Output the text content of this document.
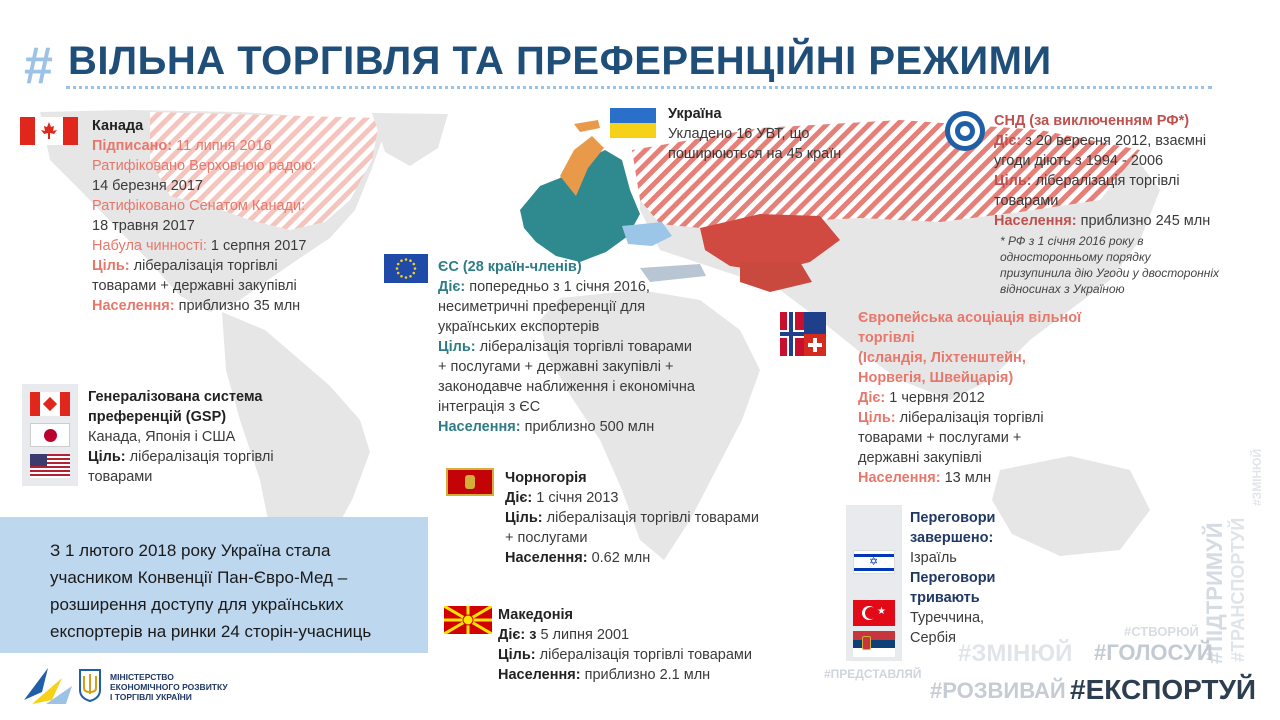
# ВІЛЬНА ТОРГІВЛЯ ТА ПРЕФЕРЕНЦІЙНІ РЕЖИМИ
Канада
Підписано: 11 липня 2016
Ратифіковано Верховною радою:
14 березня 2017
Ратифіковано Сенатом Канади:
18 травня 2017
Набула чинності: 1 серпня 2017
Ціль: лібералізація торгівлі
товарами + державні закупівлі
Населення: приблизно 35 млн
Україна
Укладено 16 УВТ, що
поширюються на 45 країн
СНД (за виключенням РФ*)
Діє: з 20 вересня 2012, взаємні
угоди діють з 1994 - 2006
Ціль: лібералізація торгівлі
товарами
Населення: приблизно 245 млн
* РФ з 1 січня 2016 року в
односторонньому порядку
призупинила дію Угоди у двосторонніх
відносинах з Україною
ЄС (28 країн-членів)
Діє: попередньо з 1 січня 2016,
несиметричні преференції для
українських експортерів
Ціль: лібералізація торгівлі товарами
+ послугами + державні закупівлі +
законодавче наближення і економічна
інтеграція з ЄС
Населення: приблизно 500 млн
Європейська асоціація вільної
торгівлі
(Ісландія, Ліхтенштейн,
Норвегія, Швейцарія)
Діє: 1 червня 2012
Ціль: лібералізація торгівлі
товарами + послугами +
державні закупівлі
Населення: 13 млн
Генералізована система
преференцій (GSP)
Канада, Японія і США
Ціль: лібералізація торгівлі
товарами	Чорногорія
Діє: 1 січня 2013
Ціль: лібералізація торгівлі товарами
+ послугами
Населення: 0.62 млн
Македонія
Діє: з 5 липня 2001
Ціль: лібералізація торгівлі товарами
Населення: приблизно 2.1 млн
✡
★
Переговори
завершено:
Ізраїль
Переговори
тривають
Туреччина,
Сербія
З 1 лютого 2018 року Україна стала
учасником Конвенції Пан-Євро-Мед –
розширення доступу для українських
експортерів на ринки 24 сторін-учасниць
МІНІСТЕРСТВО
ЕКОНОМІЧНОГО РОЗВИТКУ
І ТОРГІВЛІ УКРАЇНИ
#ПІДТРИМУЙ #ТРАНСПОРТУЙ
#ЗМІНЮЙ
#СТВОРЮЙ
#ЗМІНЮЙ #ГОЛОСУЙ
#ПРЕДСТАВЛЯЙ
#РОЗВИВАЙ #ЕКСПОРТУЙ
